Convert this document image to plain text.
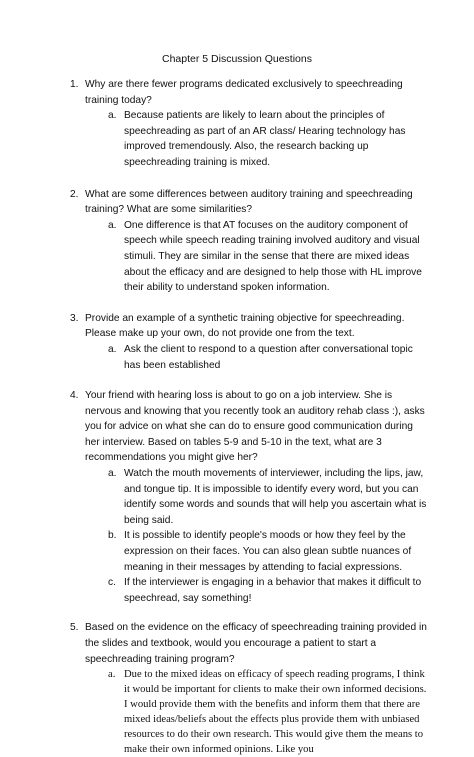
Chapter 5 Discussion Questions
1. Why are there fewer programs dedicated exclusively to speechreading training today?
a. Because patients are likely to learn about the principles of speechreading as part of an AR class/ Hearing technology has improved tremendously. Also, the research backing up speechreading training is mixed.
2. What are some differences between auditory training and speechreading training? What are some similarities?
a. One difference is that AT focuses on the auditory component of speech while speech reading training involved auditory and visual stimuli. They are similar in the sense that there are mixed ideas about the efficacy and are designed to help those with HL improve their ability to understand spoken information.
3. Provide an example of a synthetic training objective for speechreading. Please make up your own, do not provide one from the text.
a. Ask the client to respond to a question after conversational topic has been established
4. Your friend with hearing loss is about to go on a job interview. She is nervous and knowing that you recently took an auditory rehab class :), asks you for advice on what she can do to ensure good communication during her interview. Based on tables 5-9 and 5-10 in the text, what are 3 recommendations you might give her?
a. Watch the mouth movements of interviewer, including the lips, jaw, and tongue tip. It is impossible to identify every word, but you can identify some words and sounds that will help you ascertain what is being said.
b. It is possible to identify people's moods or how they feel by the expression on their faces. You can also glean subtle nuances of meaning in their messages by attending to facial expressions.
c. If the interviewer is engaging in a behavior that makes it difficult to speechread, say something!
5. Based on the evidence on the efficacy of speechreading training provided in the slides and textbook, would you encourage a patient to start a speechreading training program?
a. Due to the mixed ideas on efficacy of speech reading programs, I think it would be important for clients to make their own informed decisions. I would provide them with the benefits and inform them that there are mixed ideas/beliefs about the effects plus provide them with unbiased resources to do their own research. This would give them the means to make their own informed opinions. Like you
